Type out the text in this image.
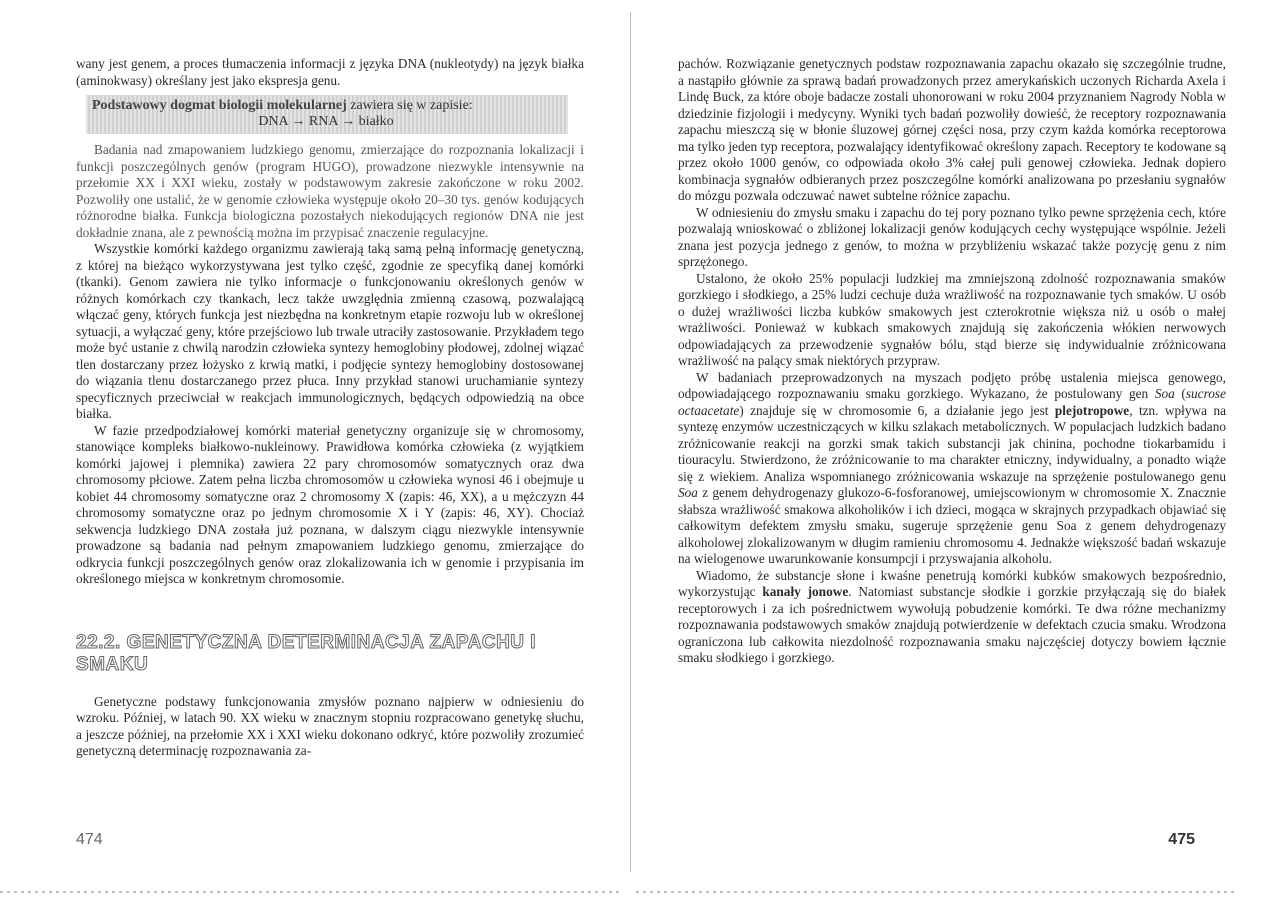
wany jest genem, a proces tłumaczenia informacji z języka DNA (nukleotydy) na język białka (aminokwasy) określany jest jako ekspresja genu.

Podstawowy dogmat biologii molekularnej zawiera się w zapisie:
DNA → RNA → białko

Badania nad zmapowaniem ludzkiego genomu, zmierzające do rozpoznania lokalizacji i funkcji poszczególnych genów (program HUGO), prowadzone niezwykle intensywnie na przełomie XX i XXI wieku, zostały w podstawowym zakresie zakończone w roku 2002. Pozwoliły one ustalić, że w genomie człowieka występuje około 20–30 tys. genów kodujących różnorodne białka. Funkcja biologiczna pozostałych niekodujących regionów DNA nie jest dokładnie znana, ale z pewnością można im przypisać znaczenie regulacyjne.

Wszystkie komórki każdego organizmu zawierają taką samą pełną informację genetyczną, z której na bieżąco wykorzystywana jest tylko część, zgodnie ze specyfiką danej komórki (tkanki). Genom zawiera nie tylko informacje o funkcjonowaniu określonych genów w różnych komórkach czy tkankach, lecz także uwzględnia zmienną czasową, pozwalającą włączać geny, których funkcja jest niezbędna na konkretnym etapie rozwoju lub w określonej sytuacji, a wyłączać geny, które przejściowo lub trwale utraciły zastosowanie. Przykładem tego może być ustanie z chwilą narodzin człowieka syntezy hemoglobiny płodowej, zdolnej wiązać tlen dostarczany przez łożysko z krwią matki, i podjęcie syntezy hemoglobiny dostosowanej do wiązania tlenu dostarczanego przez płuca. Inny przykład stanowi uruchamianie syntezy specyficznych przeciwciał w reakcjach immunologicznych, będących odpowiedzią na obce białka.

W fazie przedpodziałowej komórki materiał genetyczny organizuje się w chromosomy, stanowiące kompleks białkowo-nukleinowy. Prawidłowa komórka człowieka (z wyjątkiem komórki jajowej i plemnika) zawiera 22 pary chromosomów somatycznych oraz dwa chromosomy płciowe. Zatem pełna liczba chromosomów u człowieka wynosi 46 i obejmuje u kobiet 44 chromosomy somatyczne oraz 2 chromosomy X (zapis: 46, XX), a u mężczyzn 44 chromosomy somatyczne oraz po jednym chromosomie X i Y (zapis: 46, XY). Chociaż sekwencja ludzkiego DNA została już poznana, w dalszym ciągu niezwykle intensywnie prowadzone są badania nad pełnym zmapowaniem ludzkiego genomu, zmierzające do odkrycia funkcji poszczególnych genów oraz zlokalizowania ich w genomie i przypisania im określonego miejsca w konkretnym chromosomie.

22.2. GENETYCZNA DETERMINACJA ZAPACHU I SMAKU

Genetyczne podstawy funkcjonowania zmysłów poznano najpierw w odniesieniu do wzroku. Później, w latach 90. XX wieku w znacznym stopniu rozpracowano genetykę słuchu, a jeszcze później, na przełomie XX i XXI wieku dokonano odkryć, które pozwoliły zrozumieć genetyczną determinację rozpoznawania za-

474

pachów. Rozwiązanie genetycznych podstaw rozpoznawania zapachu okazało się szczególnie trudne, a nastąpiło głównie za sprawą badań prowadzonych przez amerykańskich uczonych Richarda Axela i Lindę Buck, za które oboje badacze zostali uhonorowani w roku 2004 przyznaniem Nagrody Nobla w dziedzinie fizjologii i medycyny. Wyniki tych badań pozwoliły dowieść, że receptory rozpoznawania zapachu mieszczą się w błonie śluzowej górnej części nosa, przy czym każda komórka receptorowa ma tylko jeden typ receptora, pozwalający identyfikować określony zapach. Receptory te kodowane są przez około 1000 genów, co odpowiada około 3% całej puli genowej człowieka. Jednak dopiero kombinacja sygnałów odbieranych przez poszczególne komórki analizowana po przesłaniu sygnałów do mózgu pozwala odczuwać nawet subtelne różnice zapachu.

W odniesieniu do zmysłu smaku i zapachu do tej pory poznano tylko pewne sprzężenia cech, które pozwalają wnioskować o zbliżonej lokalizacji genów kodujących cechy występujące wspólnie. Jeżeli znana jest pozycja jednego z genów, to można w przybliżeniu wskazać także pozycję genu z nim sprzężonego.

Ustalono, że około 25% populacji ludzkiej ma zmniejszoną zdolność rozpoznawania smaków gorzkiego i słodkiego, a 25% ludzi cechuje duża wrażliwość na rozpoznawanie tych smaków. U osób o dużej wrażliwości liczba kubków smakowych jest czterokrotnie większa niż u osób o małej wrażliwości. Ponieważ w kubkach smakowych znajdują się zakończenia włókien nerwowych odpowiadających za przewodzenie sygnałów bólu, stąd bierze się indywidualnie zróżnicowana wrażliwość na palący smak niektórych przypraw.

W badaniach przeprowadzonych na myszach podjęto próbę ustalenia miejsca genowego, odpowiadającego rozpoznawaniu smaku gorzkiego. Wykazano, że postulowany gen Soa (sucrose octaacetate) znajduje się w chromosomie 6, a działanie jego jest plejotropowe, tzn. wpływa na syntezę enzymów uczestniczących w kilku szlakach metabolicznych. W populacjach ludzkich badano zróżnicowanie reakcji na gorzki smak takich substancji jak chinina, pochodne tiokarbamidu i tiouracylu. Stwierdzono, że zróżnicowanie to ma charakter etniczny, indywidualny, a ponadto wiąże się z wiekiem. Analiza wspomnianego zróżnicowania wskazuje na sprzężenie postulowanego genu Soa z genem dehydrogenazy glukozo-6-fosforanowej, umiejscowionym w chromosomie X. Znacznie słabsza wrażliwość smakowa alkoholików i ich dzieci, mogąca w skrajnych przypadkach objawiać się całkowitym defektem zmysłu smaku, sugeruje sprzężenie genu Soa z genem dehydrogenazy alkoholowej zlokalizowanym w długim ramieniu chromosomu 4. Jednakże większość badań wskazuje na wielogenowe uwarunkowanie konsumpcji i przyswajania alkoholu.

Wiadomo, że substancje słone i kwaśne penetrują komórki kubków smakowych bezpośrednio, wykorzystując kanały jonowe. Natomiast substancje słodkie i gorzkie przyłączają się do białek receptorowych i za ich pośrednictwem wywołują pobudzenie komórki. Te dwa różne mechanizmy rozpoznawania podstawowych smaków znajdują potwierdzenie w defektach czucia smaku. Wrodzona ograniczona lub całkowita niezdolność rozpoznawania smaku najczęściej dotyczy bowiem łącznie smaku słodkiego i gorzkiego.

475
